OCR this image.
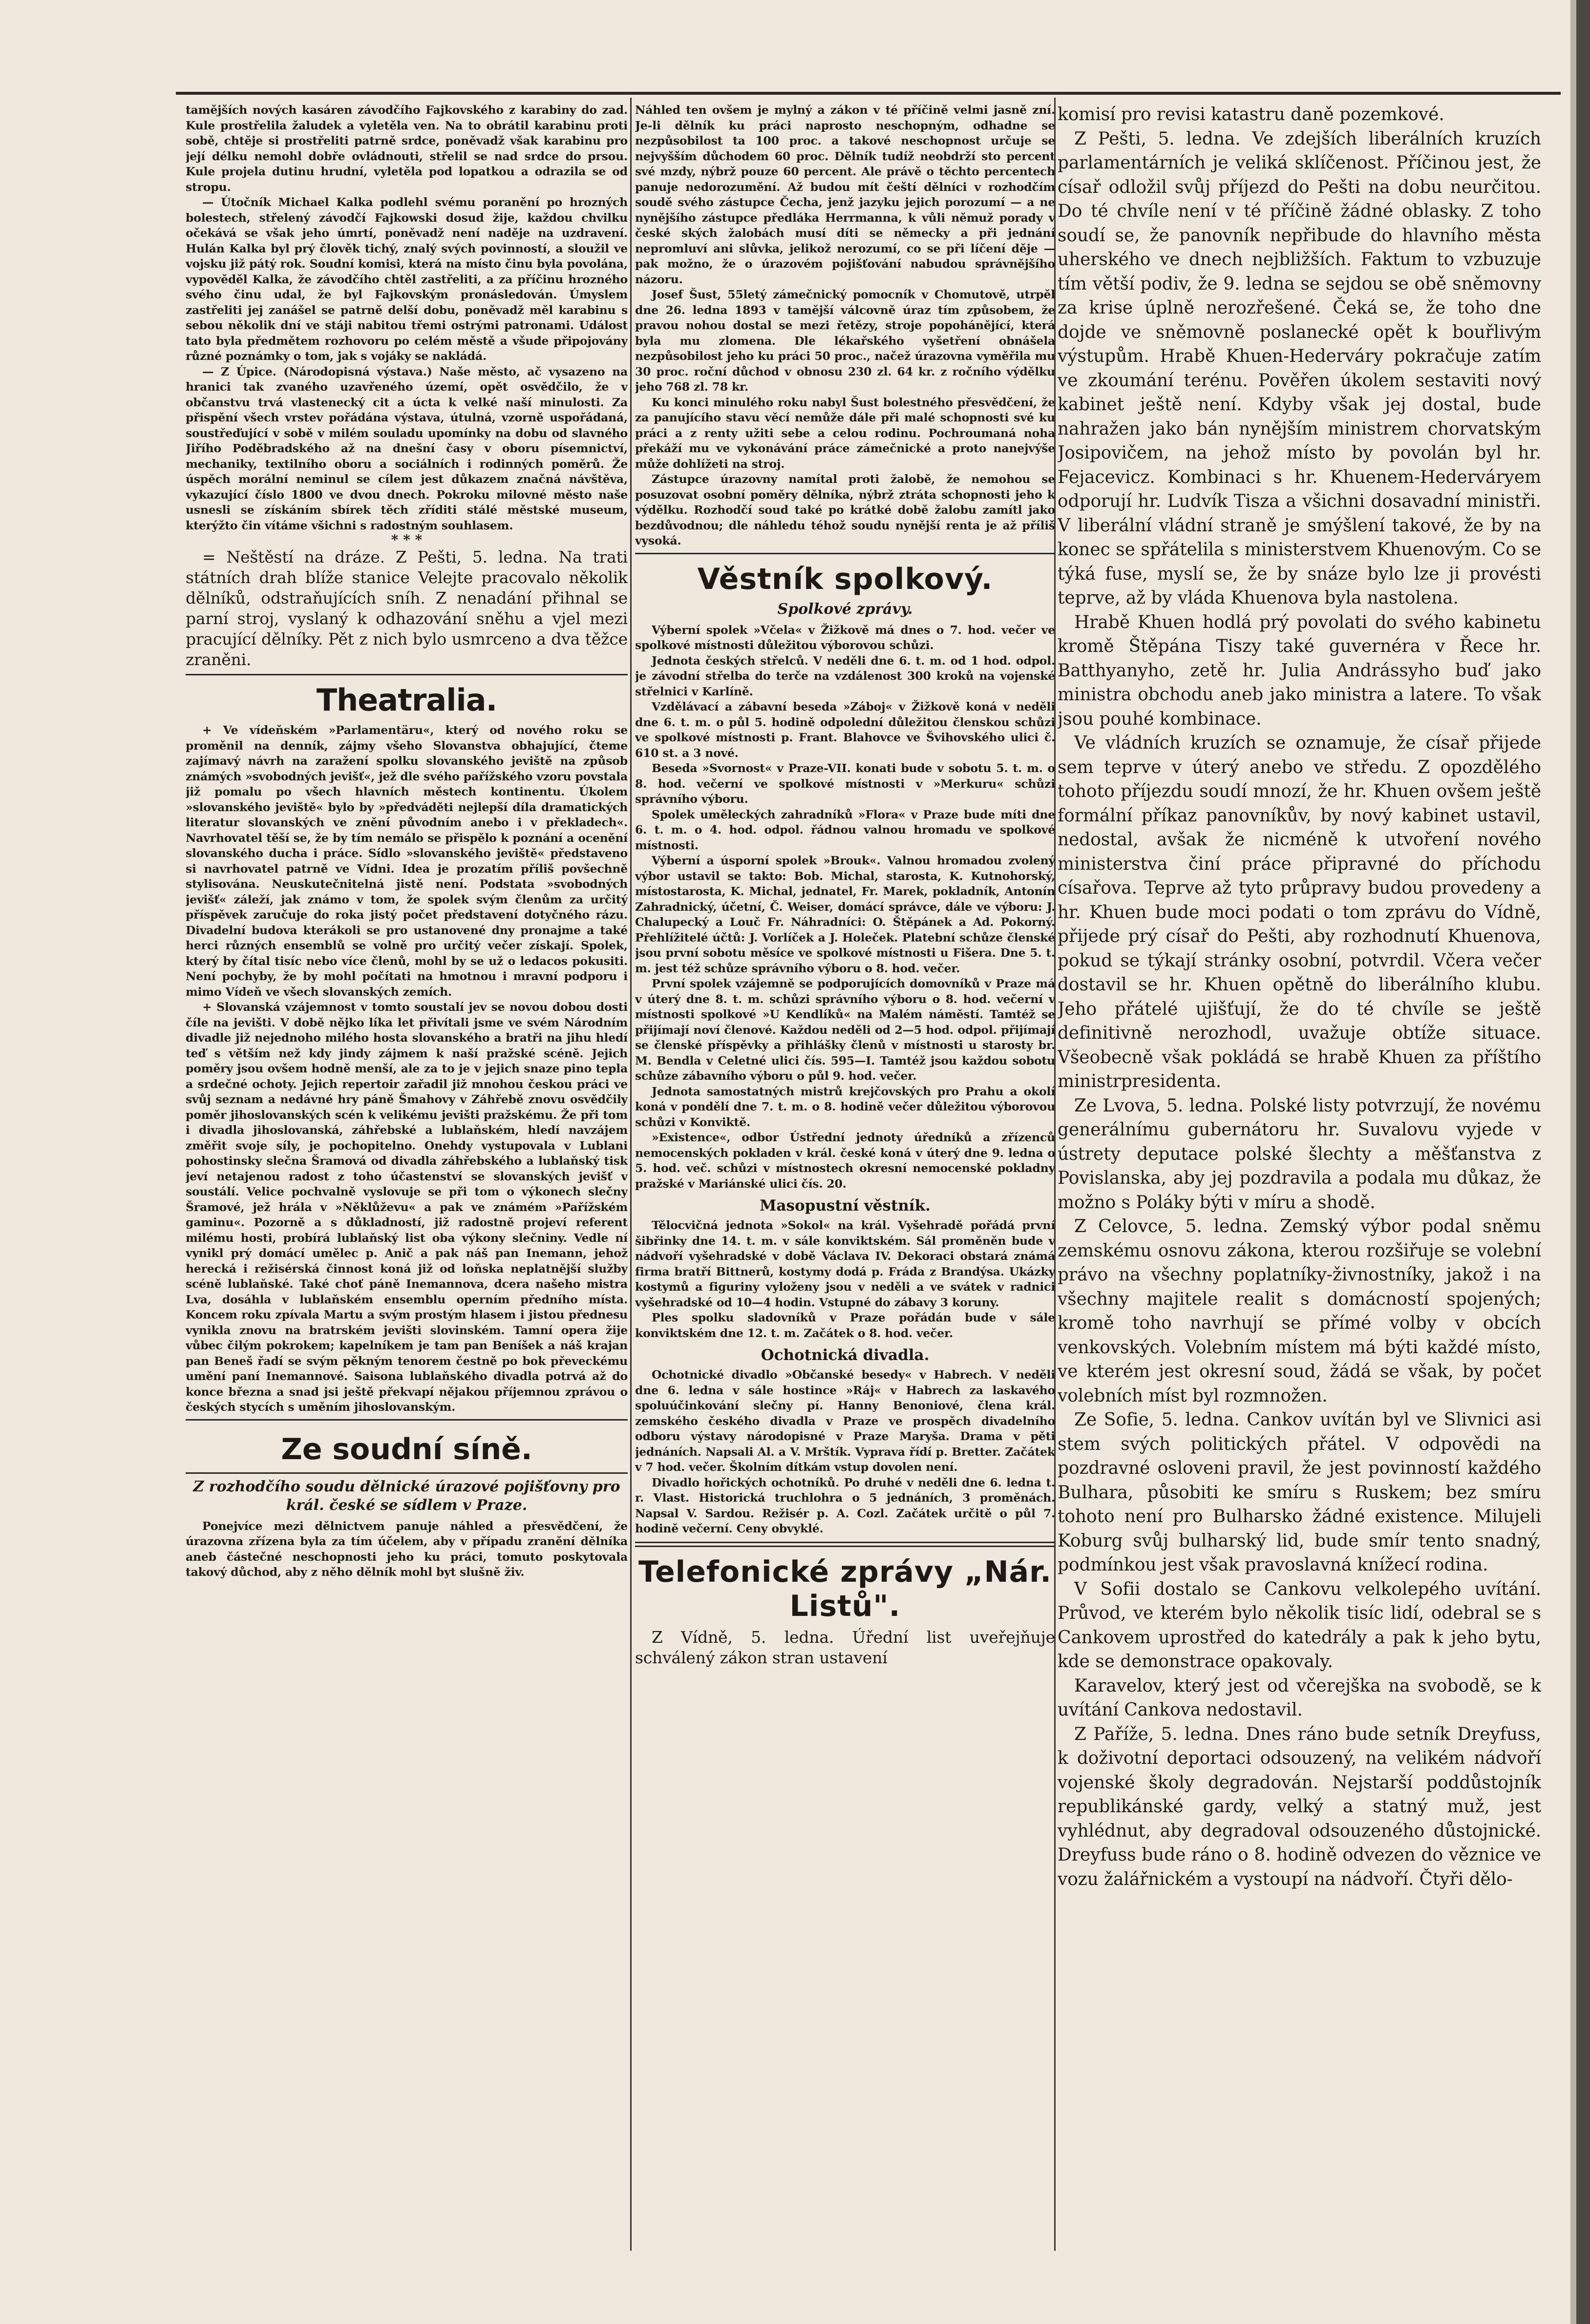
tamějších nových kasáren závodčího Fajkovského z karabiny do zad. Kule prostřelila žaludek a vyletěla ven. Na to obrátil karabinu proti sobě, chtěje si prostřeliti patrně srdce, poněvadž však karabinu pro její délku nemohl dobře ovládnouti, střelil se nad srdce do prsou. Kule projela dutinu hrudní, vyletěla pod lopatkou a odrazila se od stropu.

— Útočník Michael Kalka podlehl svému poranění po hrozných bolestech, střelený závodčí Fajkowski dosud žije, každou chvilku očekává se však jeho úmrtí, poněvadž není naděje na uzdravení. Hulán Kalka byl prý člověk tichý, znalý svých povinností, a sloužil ve vojsku již pátý rok. Soudní komisi, která na místo činu byla povolána, vypověděl Kalka, že závodčího chtěl zastřeliti, a za příčinu hrozného svého činu udal, že byl Fajkovským pronásledován. Úmyslem zastřeliti jej zanášel se patrně delší dobu, poněvadž měl karabinu s sebou několik dní ve stáji nabitou třemi ostrými patronami. Událost tato byla předmětem rozhovoru po celém městě a všude připojovány různé poznámky o tom, jak s vojáky se nakládá.

— Z Úpice. (Národopisná výstava.) Naše město, ač vysazeno na hranici tak zvaného uzavřeného území, opět osvědčilo, že v občanstvu trvá vlastenecký cit a úcta k velké naší minulosti. Za přispění všech vrstev pořádána výstava, útulná, vzorně uspořádaná, soustřeďující v sobě v milém souladu upomínky na dobu od slavného Jiřího Poděbradského až na dnešní časy v oboru písemnictví, mechaniky, textilního oboru a sociálních i rodinných poměrů. Že úspěch morální neminul se cílem jest důkazem značná návštěva, vykazující číslo 1800 ve dvou dnech. Pokroku milovné město naše usnesli se získáním sbírek těch zříditi stálé městské museum, kterýžto čin vítáme všichni s radostným souhlasem.

* * *

= Neštěstí na dráze. Z Pešti, 5. ledna. Na trati státních drah blíže stanice Velejte pracovalo několik dělníků, odstraňujících sníh. Z nenadání přihnal se parní stroj, vyslaný k odhazování sněhu a vjel mezi pracující dělníky. Pět z nich bylo usmrceno a dva těžce zraněni.

Theatralia.

+ Ve vídeňském »Parlamentäru«, který od nového roku se proměnil na denník, zájmy všeho Slovanstva obhajující, čteme zajímavý návrh na zaražení spolku slovanského jeviště na způsob známých »svobodných jevišť«, jež dle svého pařížského vzoru povstala již pomalu po všech hlavních městech kontinentu. Úkolem »slovanského jeviště« bylo by »předváděti nejlepší díla dramatických literatur slovanských ve znění původním anebo i v překladech«. Navrhovatel těší se, že by tím nemálo se přispělo k poznání a ocenění slovanského ducha i práce. Sídlo »slovanského jeviště« představeno si navrhovatel patrně ve Vídni. Idea je prozatím příliš povšechně stylisována. Neuskutečnitelná jistě není. Podstata »svobodných jevišť« záleží, jak známo v tom, že spolek svým členům za určitý příspěvek zaručuje do roka jistý počet představení dotyčného rázu. Divadelní budova kterákoli se pro ustanovené dny pronajme a také herci různých ensemblů se volně pro určitý večer získají. Spolek, který by čítal tisíc nebo více členů, mohl by se už o ledacos pokusiti. Není pochyby, že by mohl počítati na hmotnou i mravní podporu i mimo Vídeň ve všech slovanských zemích.

+ Slovanská vzájemnost v tomto soustalí jev se novou dobou dosti číle na jevišti. V době nějko líka let přivítali jsme ve svém Národním divadle již nejednoho milého hosta slovanského a bratři na jihu hledí teď s větším než kdy jindy zájmem k naší pražské scéně. Jejich poměry jsou ovšem hodně menší, ale za to je v jejich snaze pino tepla a srdečné ochoty. Jejich repertoir zařadil již mnohou českou práci ve svůj seznam a nedávné hry páně Šmahovy v Záhřebě znovu osvědčily poměr jihoslovanských scén k velikému jevišti pražskému. Že při tom i divadla jihoslovanská, záhřebské a lublaňském, hledí navzájem změřit svoje síly, je pochopitelno. Onehdy vystupovala v Lublani pohostinsky slečna Šramová od divadla záhřebského a lublaňský tisk jeví netajenou radost z toho účastenství se slovanských jevišť v soustálí. Velice pochvalně vyslovuje se při tom o výkonech slečny Šramové, jež hrála v »Něklůževu« a pak ve známém »Pařížském gaminu«. Pozorně a s důkladností, již radostně projeví referent milému hosti, probírá lublaňský list oba výkony slečniny. Vedle ní vynikl prý domácí umělec p. Anič a pak náš pan Inemann, jehož herecká i režisérská činnost koná již od loňska neplatnější služby scéně lublaňské. Také choť páně Inemannova, dcera našeho mistra Lva, dosáhla v lublaňském ensemblu operním předního místa. Koncem roku zpívala Martu a svým prostým hlasem i jistou přednesu vynikla znovu na bratrském jevišti slovinském. Tamní opera žije vůbec čilým pokrokem; kapelníkem je tam pan Beníšek a náš krajan pan Beneš řadí se svým pěkným tenorem čestně po bok převeckému umění paní Inemannové. Saisona lublaňského divadla potrvá až do konce března a snad jsi ještě překvapí nějakou příjemnou zprávou o českých stycích s uměním jihoslovanským.

Ze soudní síně.
Z rozhodčího soudu dělnické úrazové pojišťovny pro král. české se sídlem v Praze.

Ponejvíce mezi dělnictvem panuje náhled a přesvědčení, že úrazovna zřízena byla za tím účelem, aby v případu zranění dělníka aneb částečné neschopnosti jeho ku práci, tomuto poskytovala takový důchod, aby z něho dělník mohl byt slušně živ.

Náhled ten ovšem je mylný a zákon v té příčině velmi jasně zní. Je-li dělník ku práci naprosto neschopným, odhadne se nezpůsobilost ta 100 proc. a takové neschopnost určuje se nejvyšším důchodem 60 proc. Dělník tudíž neobdrží sto percent své mzdy, nýbrž pouze 60 percent. Ale právě o těchto percentech panuje nedorozumění. Až budou mít čeští dělníci v rozhodčím soudě svého zástupce Čecha, jenž jazyku jejich porozumí — a ne nynějšího zástupce předláka Herrmanna, k vůli němuž porady v české ských žalobách musí díti se německy a při jednání nepromluví ani slůvka, jelikož nerozumí, co se při líčení děje — pak možno, že o úrazovém pojišťování nabudou správnějšího názoru.

Josef Šust, 55letý zámečnický pomocník v Chomutově, utrpěl dne 26. ledna 1893 v tamější válcovně úraz tím způsobem, že pravou nohou dostal se mezi řetězy, stroje popohánějící, která byla mu zlomena. Dle lékařského vyšetření obnášela nezpůsobilost jeho ku práci 50 proc., načež úrazovna vyměřila mu 30 proc. roční důchod v obnosu 230 zl. 64 kr. z ročního výdělku jeho 768 zl. 78 kr.

Ku konci minulého roku nabyl Šust bolestného přesvědčení, že za panujícího stavu věcí nemůže dále při malé schopnosti své ku práci a z renty užiti sebe a celou rodinu. Pochroumaná noha překáží mu ve vykonávání práce zámečnické a proto nanejvýše může dohlížeti na stroj.

Zástupce úrazovny namítal proti žalobě, že nemohou se posuzovat osobní poměry dělníka, nýbrž ztráta schopnosti jeho k výdělku. Rozhodčí soud také po krátké době žalobu zamítl jako bezdůvodnou; dle náhledu téhož soudu nynější renta je až příliš vysoká.

Věstník spolkový.
Spolkové zprávy.

Výberní spolek »Včela« v Žižkově má dnes o 7. hod. večer ve spolkové místnosti důležitou výborovou schůzi.

Jednota českých střelců. V neděli dne 6. t. m. od 1 hod. odpol. je závodní střelba do terče na vzdálenost 300 kroků na vojenské střelnici v Karlíně.

Vzdělávací a zábavní beseda »Záboj« v Žižkově koná v neděli dne 6. t. m. o půl 5. hodině odpolední důležitou členskou schůzi ve spolkové místnosti p. Frant. Blahovce ve Švihovského ulici č. 610 st. a 3 nové.

Beseda »Svornost« v Praze-VII. konati bude v sobotu 5. t. m. o 8. hod. večerní ve spolkové místnosti v »Merkuru« schůzi správního výboru.

Spolek uměleckých zahradníků »Flora« v Praze bude míti dne 6. t. m. o 4. hod. odpol. řádnou valnou hromadu ve spolkové místnosti.

Výberní a úsporní spolek »Brouk«. Valnou hromadou zvolený výbor ustavil se takto: Bob. Michal, starosta, K. Kutnohorský, místostarosta, K. Michal, jednatel, Fr. Marek, pokladník, Antonín Zahradnický, účetní, Č. Weiser, domácí správce, dále ve výboru: J. Chalupecký a Louč Fr. Náhradníci: O. Štěpánek a Ad. Pokorný. Přehlížitelé účtů: J. Vorlíček a J. Holeček. Platební schůze členské jsou první sobotu měsíce ve spolkové místnosti u Fišera. Dne 5. t. m. jest též schůze správního výboru o 8. hod. večer.

První spolek vzájemně se podporujících domovníků v Praze má v úterý dne 8. t. m. schůzi správního výboru o 8. hod. večerní v místnosti spolkové »U Kendlíků« na Malém náměstí. Tamtéž se přijímají noví členové. Každou neděli od 2—5 hod. odpol. přijímají se členské příspěvky a přihlášky členů v místnosti u starosty br. M. Bendla v Celetné ulici čís. 595—I. Tamtéž jsou každou sobotu schůze zábavního výboru o půl 9. hod. večer.

Jednota samostatných mistrů krejčovských pro Prahu a okolí koná v pondělí dne 7. t. m. o 8. hodině večer důležitou výborovou schůzi v Konviktě.

»Existence«, odbor Ústřední jednoty úředníků a zřízenců nemocenských pokladen v král. české koná v úterý dne 9. ledna o 5. hod. več. schůzi v místnostech okresní nemocenské pokladny pražské v Mariánské ulici čís. 20.

Masopustní věstník.

Tělocvičná jednota »Sokol« na král. Vyšehradě pořádá první šibřinky dne 14. t. m. v sále konviktském. Sál proměněn bude v nádvoří vyšehradské v době Václava IV. Dekoraci obstará známá firma bratří Bittnerů, kostymy dodá p. Fráda z Brandýsa. Ukázky kostymů a figuriny vyloženy jsou v neděli a ve svátek v radnici vyšehradské od 10—4 hodin. Vstupné do zábavy 3 koruny.

Ples spolku sladovníků v Praze pořádán bude v sále konviktském dne 12. t. m. Začátek o 8. hod. večer.

Ochotnická divadla.

Ochotnické divadlo »Občanské besedy« v Habrech. V neděli dne 6. ledna v sále hostince »Ráj« v Habrech za laskavého spoluúčinkování slečny pí. Hanny Benoniové, člena král. zemského českého divadla v Praze ve prospěch divadelního odboru výstavy národopisné v Praze Maryša. Drama v pěti jednáních. Napsali Al. a V. Mrštík. Vyprava řídí p. Bretter. Začátek v 7 hod. večer. Školním dítkám vstup dovolen není.

Divadlo hořických ochotníků. Po druhé v neděli dne 6. ledna t. r. Vlast. Historická truchlohra o 5 jednáních, 3 proměnách. Napsal V. Sardou. Režisér p. A. Cozl. Začátek určitě o půl 7. hodině večerní. Ceny obvyklé.

Telefonické zprávy „Nár. Listů".

Z Vídně, 5. ledna. Úřední list uveřejňuje schválený zákon stran ustavení

komisí pro revisi katastru daně pozemkové.

Z Pešti, 5. ledna. Ve zdejších liberálních kruzích parlamentárních je veliká sklíčenost. Příčinou jest, že císař odložil svůj příjezd do Pešti na dobu neurčitou. Do té chvíle není v té příčině žádné oblasky. Z toho soudí se, že panovník nepřibude do hlavního města uherského ve dnech nejbližších. Faktum to vzbuzuje tím větší podiv, že 9. ledna se sejdou se obě sněmovny za krise úplně nerozřešené. Čeká se, že toho dne dojde ve sněmovně poslanecké opět k bouřlivým výstupům. Hrabě Khuen-Hederváry pokračuje zatím ve zkoumání terénu. Pověřen úkolem sestaviti nový kabinet ještě není. Kdyby však jej dostal, bude nahražen jako bán nynějším ministrem chorvatským Josipovičem, na jehož místo by povolán byl hr. Fejacevicz. Kombinaci s hr. Khuenem-Hederváryem odporují hr. Ludvík Tisza a všichni dosavadní ministři. V liberální vládní straně je smýšlení takové, že by na konec se spřátelila s ministerstvem Khuenovým. Co se týká fuse, myslí se, že by snáze bylo lze ji provésti teprve, až by vláda Khuenova byla nastolena.

Hrabě Khuen hodlá prý povolati do svého kabinetu kromě Štěpána Tiszy také guvernéra v Řece hr. Batthyanyho, zetě hr. Julia Andrássyho buď jako ministra obchodu aneb jako ministra a latere. To však jsou pouhé kombinace.

Ve vládních kruzích se oznamuje, že císař přijede sem teprve v úterý anebo ve středu. Z opozdělého tohoto příjezdu soudí mnozí, že hr. Khuen ovšem ještě formální příkaz panovníkův, by nový kabinet ustavil, nedostal, avšak že nicméně k utvoření nového ministerstva činí práce připravné do příchodu císařova. Teprve až tyto průpravy budou provedeny a hr. Khuen bude moci podati o tom zprávu do Vídně, přijede prý císař do Pešti, aby rozhodnutí Khuenova, pokud se týkají stránky osobní, potvrdil. Včera večer dostavil se hr. Khuen opětně do liberálního klubu. Jeho přátelé ujišťují, že do té chvíle se ještě definitivně nerozhodl, uvažuje obtíže situace. Všeobecně však pokládá se hrabě Khuen za příštího ministrpresidenta.

Ze Lvova, 5. ledna. Polské listy potvrzují, že novému generálnímu gubernátoru hr. Suvalovu vyjede v ústrety deputace polské šlechty a měšťanstva z Povislanska, aby jej pozdravila a podala mu důkaz, že možno s Poláky býti v míru a shodě.

Z Celovce, 5. ledna. Zemský výbor podal sněmu zemskému osnovu zákona, kterou rozšiřuje se volební právo na všechny poplatníky-živnostníky, jakož i na všechny majitele realit s domácností spojených; kromě toho navrhují se přímé volby v obcích venkovských. Volebním místem má býti každé místo, ve kterém jest okresní soud, žádá se však, by počet volebních míst byl rozmnožen.

Ze Sofie, 5. ledna. Cankov uvítán byl ve Slivnici asi stem svých politických přátel. V odpovědi na pozdravné osloveni pravil, že jest povinností každého Bulhara, působiti ke smíru s Ruskem; bez smíru tohoto není pro Bulharsko žádné existence. Milujeli Koburg svůj bulharský lid, bude smír tento snadný, podmínkou jest však pravoslavná knížecí rodina.

V Sofii dostalo se Cankovu velkolepého uvítání. Průvod, ve kterém bylo několik tisíc lidí, odebral se s Cankovem uprostřed do katedrály a pak k jeho bytu, kde se demonstrace opakovaly.

Karavelov, který jest od včerejška na svobodě, se k uvítání Cankova nedostavil.

Z Paříže, 5. ledna. Dnes ráno bude setník Dreyfuss, k doživotní deportaci odsouzený, na velikém nádvoří vojenské školy degradován. Nejstarší poddůstojník republikánské gardy, velký a statný muž, jest vyhlédnut, aby degradoval odsouzeného důstojnické. Dreyfuss bude ráno o 8. hodině odvezen do věznice ve vozu žalářnickém a vystoupí na nádvoří. Čtyři dělo-
